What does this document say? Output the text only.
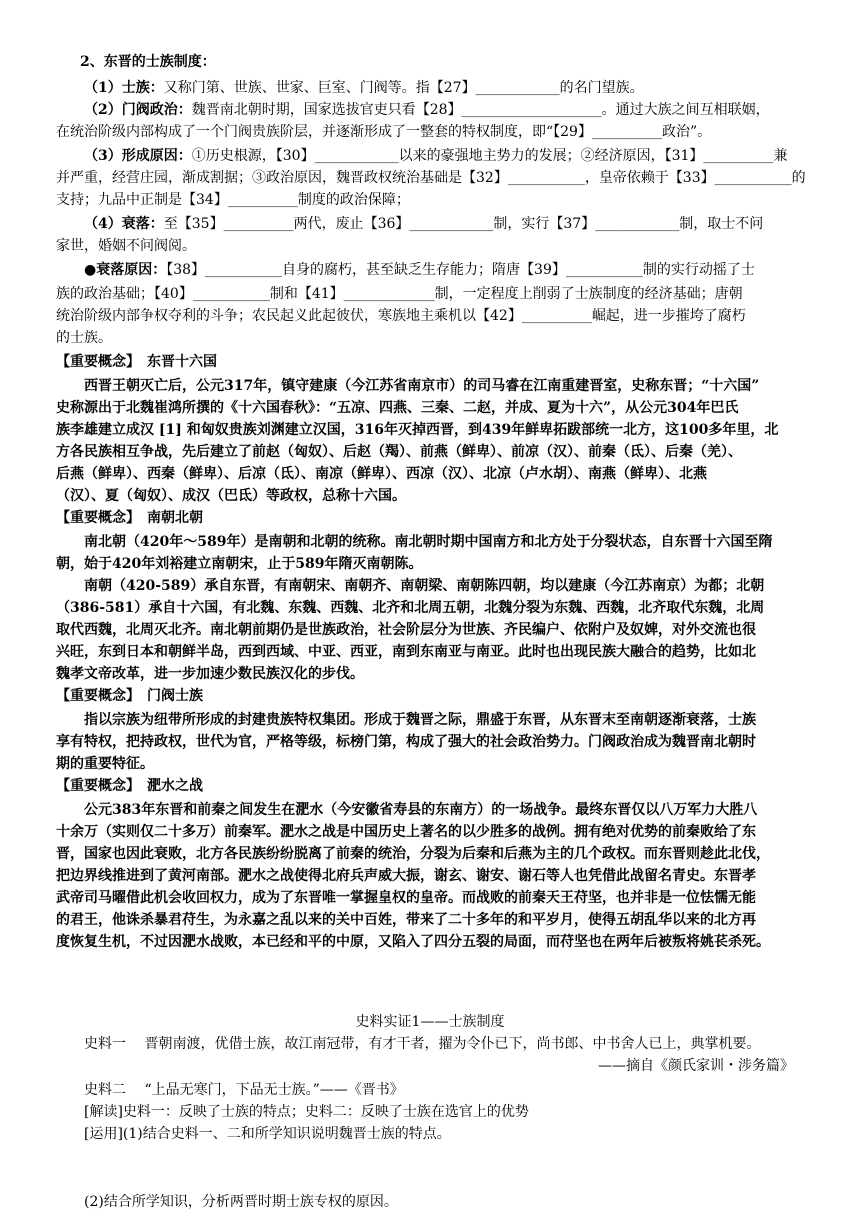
2、东晋的士族制度：
（1）士族：又称门第、世族、世家、巨室、门阀等。指【27】____________的名门望族。
（2）门阀政治：魏晋南北朝时期，国家选拔官吏只看【28】____________________。通过大族之间互相联姻，
在统治阶级内部构成了一个门阀贵族阶层，并逐渐形成了一整套的特权制度，即“【29】__________政治”。
（3）形成原因：①历史根源，【30】____________以来的豪强地主势力的发展；②经济原因，【31】__________兼
并严重，经营庄园，渐成割据；③政治原因，魏晋政权统治基础是【32】___________，皇帝依赖于【33】___________的
支持；九品中正制是【34】__________制度的政治保障；
（4）衰落：至【35】__________两代，废止【36】____________制，实行【37】____________制，取士不问
家世，婚姻不问阀阅。
●衰落原因：【38】___________自身的腐朽，甚至缺乏生存能力；隋唐【39】___________制的实行动摇了士
族的政治基础；【40】___________制和【41】_____________制，一定程度上削弱了士族制度的经济基础；唐朝
统治阶级内部争权夺利的斗争；农民起义此起彼伏，寒族地主乘机以【42】__________崛起，进一步摧垮了腐朽
的士族。
【重要概念】　东晋十六国
西晋王朝灭亡后，公元317年，镇守建康（今江苏省南京市）的司马睿在江南重建晋室，史称东晋；“十六国”
史称源出于北魏崔鸿所撰的《十六国春秋》：“五凉、四燕、三秦、二赵，并成、夏为十六”，从公元304年巴氏
族李雄建立成汉 [1] 和匈奴贵族刘渊建立汉国，316年灭掉西晋，到439年鲜卑拓跋部统一北方，这100多年里，北
方各民族相互争战，先后建立了前赵（匈奴）、后赵（羯）、前燕（鲜卑）、前凉（汉）、前秦（氐）、后秦（羌）、
后燕（鲜卑）、西秦（鲜卑）、后凉（氐）、南凉（鲜卑）、西凉（汉）、北凉（卢水胡）、南燕（鲜卑）、北燕
（汉）、夏（匈奴）、成汉（巴氐）等政权，总称十六国。
【重要概念】　南朝北朝
南北朝（420年～589年）是南朝和北朝的统称。南北朝时期中国南方和北方处于分裂状态，自东晋十六国至隋
朝，始于420年刘裕建立南朝宋，止于589年隋灭南朝陈。
南朝（420-589）承自东晋，有南朝宋、南朝齐、南朝梁、南朝陈四朝，均以建康（今江苏南京）为都；北朝
（386-581）承自十六国，有北魏、东魏、西魏、北齐和北周五朝，北魏分裂为东魏、西魏，北齐取代东魏，北周
取代西魏，北周灭北齐。南北朝前期仍是世族政治，社会阶层分为世族、齐民编户、依附户及奴婢，对外交流也很
兴旺，东到日本和朝鲜半岛，西到西域、中亚、西亚，南到东南亚与南亚。此时也出现民族大融合的趋势，比如北
魏孝文帝改革，进一步加速少数民族汉化的步伐。
【重要概念】　门阀士族
指以宗族为纽带所形成的封建贵族特权集团。形成于魏晋之际，鼎盛于东晋，从东晋末至南朝逐渐衰落，士族
享有特权，把持政权，世代为官，严格等级，标榜门第，构成了强大的社会政治势力。门阀政治成为魏晋南北朝时
期的重要特征。
【重要概念】　淝水之战
公元383年东晋和前秦之间发生在淝水（今安徽省寿县的东南方）的一场战争。最终东晋仅以八万军力大胜八
十余万（实则仅二十多万）前秦军。淝水之战是中国历史上著名的以少胜多的战例。拥有绝对优势的前秦败给了东
晋，国家也因此衰败，北方各民族纷纷脱离了前秦的统治，分裂为后秦和后燕为主的几个政权。而东晋则趁此北伐，
把边界线推进到了黄河南部。淝水之战使得北府兵声威大振，谢玄、谢安、谢石等人也凭借此战留名青史。东晋孝
武帝司马曜借此机会收回权力，成为了东晋唯一掌握皇权的皇帝。而战败的前秦天王苻坚，也并非是一位怯懦无能
的君王，他诛杀暴君苻生，为永嘉之乱以来的关中百姓，带来了二十多年的和平岁月，使得五胡乱华以来的北方再
度恢复生机，不过因淝水战败，本已经和平的中原，又陷入了四分五裂的局面，而苻坚也在两年后被叛将姚苌杀死。
史料实证1——士族制度
史料一　 晋朝南渡，优借士族，故江南冠带，有才干者，擢为令仆已下，尚书郎、中书舍人已上，典掌机要。
——摘自《颜氏家训・涉务篇》
史料二　 “上品无寒门，下品无士族。”——《晋书》
[解读]史料一：反映了士族的特点；史料二：反映了士族在选官上的优势
[运用](1)结合史料一、二和所学知识说明魏晋士族的特点。
(2)结合所学知识，分析两晋时期士族专权的原因。
